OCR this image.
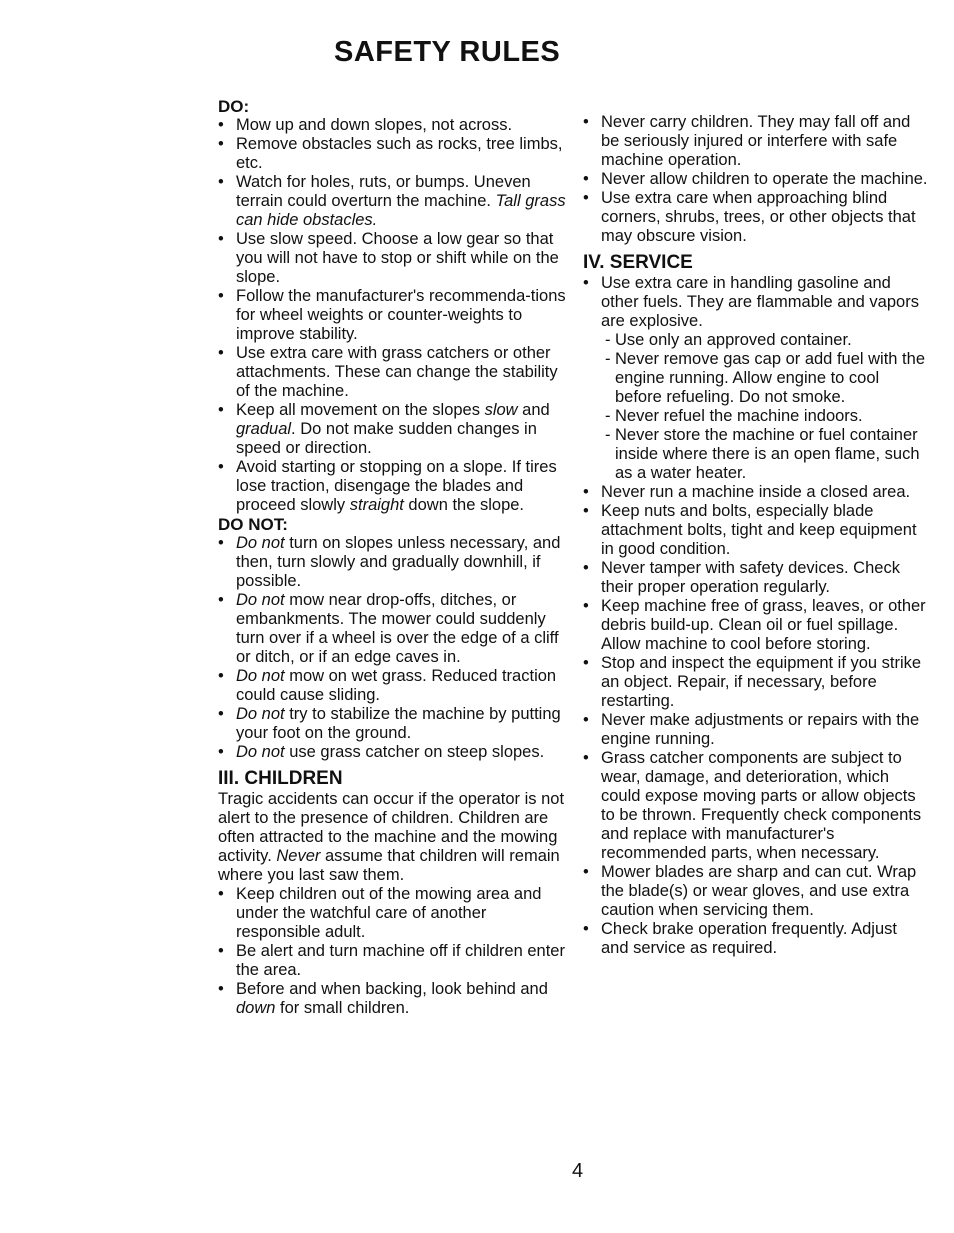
SAFETY RULES
DO:
• Mow up and down slopes, not across.
• Remove obstacles such as rocks, tree limbs, etc.
• Watch for holes, ruts, or bumps. Uneven terrain could overturn the machine. Tall grass can hide obstacles.
• Use slow speed. Choose a low gear so that you will not have to stop or shift while on the slope.
• Follow the manufacturer's recommenda-tions for wheel weights or counter-weights to improve stability.
• Use extra care with grass catchers or other attachments. These can change the stability of the machine.
• Keep all movement on the slopes slow and gradual. Do not make sudden changes in speed or direction.
• Avoid starting or stopping on a slope. If tires lose traction, disengage the blades and proceed slowly straight down the slope.
DO NOT:
• Do not turn on slopes unless necessary, and then, turn slowly and gradually downhill, if possible.
• Do not mow near drop-offs, ditches, or embankments. The mower could suddenly turn over if a wheel is over the edge of a cliff or ditch, or if an edge caves in.
• Do not mow on wet grass. Reduced traction could cause sliding.
• Do not try to stabilize the machine by putting your foot on the ground.
• Do not use grass catcher on steep slopes.
III. CHILDREN

Tragic accidents can occur if the operator is not alert to the presence of children. Children are often attracted to the machine and the mowing activity. Never assume that children will remain where you last saw them.

• Keep children out of the mowing area and under the watchful care of another responsible adult.
• Be alert and turn machine off if children enter the area.
• Before and when backing, look behind and down for small children.
• Never carry children. They may fall off and be seriously injured or interfere with safe machine operation.
• Never allow children to operate the machine.
• Use extra care when approaching blind corners, shrubs, trees, or other objects that may obscure vision.
IV. SERVICE
• Use extra care in handling gasoline and other fuels. They are flammable and vapors are explosive.
- Use only an approved container.
- Never remove gas cap or add fuel with the engine running. Allow engine to cool before refueling. Do not smoke.
- Never refuel the machine indoors.
- Never store the machine or fuel container inside where there is an open flame, such as a water heater.
• Never run a machine inside a closed area.
• Keep nuts and bolts, especially blade attachment bolts, tight and keep equipment in good condition.
• Never tamper with safety devices. Check their proper operation regularly.
• Keep machine free of grass, leaves, or other debris build-up. Clean oil or fuel spillage. Allow machine to cool before storing.
• Stop and inspect the equipment if you strike an object. Repair, if necessary, before restarting.
• Never make adjustments or repairs with the engine running.
• Grass catcher components are subject to wear, damage, and deterioration, which could expose moving parts or allow objects to be thrown. Frequently check components and replace with manufacturer's recommended parts, when necessary.
• Mower blades are sharp and can cut. Wrap the blade(s) or wear gloves, and use extra caution when servicing them.
• Check brake operation frequently. Adjust and service as required.
4
